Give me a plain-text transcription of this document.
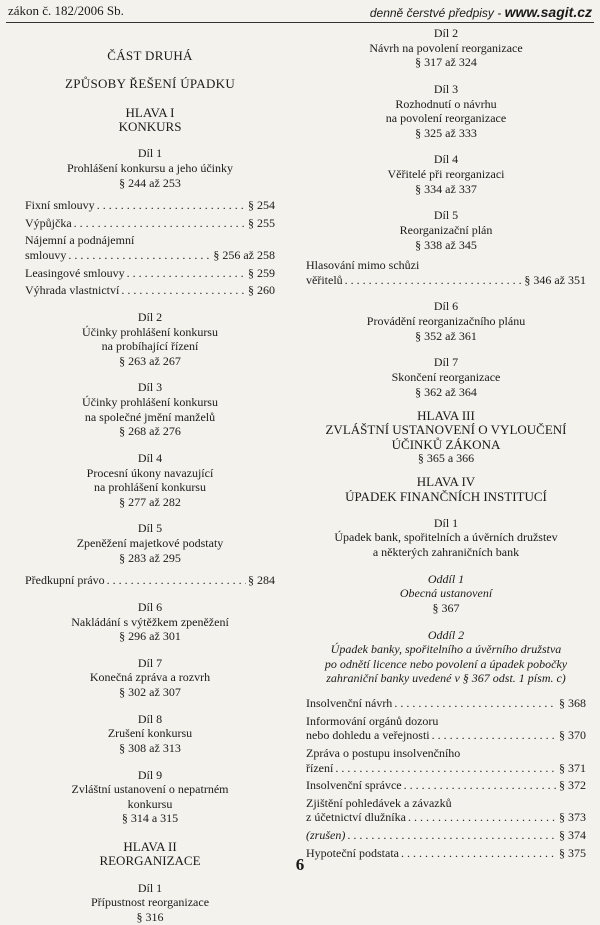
zákon č. 182/2006 Sb.	denně čerstvé předpisy - www.sagit.cz
ČÁST DRUHÁ
ZPŮSOBY ŘEŠENÍ ÚPADKU
HLAVA I
KONKURS
Díl 1
Prohlášení konkursu a jeho účinky
§ 244 až 253
Fixní smlouvy .....	§ 254
Výpůjčka .....	§ 255
Nájemní a podnájemní
smlouvy .....	§ 256 až 258
Leasingové smlouvy .....	§ 259
Výhrada vlastnictví .....	§ 260
Díl 2
Účinky prohlášení konkursu
na probíhající řízení
§ 263 až 267
Díl 3
Účinky prohlášení konkursu
na společné jmění manželů
§ 268 až 276
Díl 4
Procesní úkony navazující
na prohlášení konkursu
§ 277 až 282
Díl 5
Zpeněžení majetkové podstaty
§ 283 až 295
Předkupní právo .....	§ 284
Díl 6
Nakládání s výtěžkem zpeněžení
§ 296 až 301
Díl 7
Konečná zpráva a rozvrh
§ 302 až 307
Díl 8
Zrušení konkursu
§ 308 až 313
Díl 9
Zvláštní ustanovení o nepatrném
konkursu
§ 314 a 315
HLAVA II
REORGANIZACE
Díl 1
Přípustnost reorganizace
§ 316
Díl 2
Návrh na povolení reorganizace
§ 317 až 324
Díl 3
Rozhodnutí o návrhu
na povolení reorganizace
§ 325 až 333
Díl 4
Věřitelé při reorganizaci
§ 334 až 337
Díl 5
Reorganizační plán
§ 338 až 345
Hlasování mimo schůzi
věřitelů .....	§ 346 až 351
Díl 6
Provádění reorganizačního plánu
§ 352 až 361
Díl 7
Skončení reorganizace
§ 362 až 364
HLAVA III
ZVLÁŠTNÍ USTANOVENÍ O VYLOUČENÍ
ÚČINKŮ ZÁKONA
§ 365 a 366
HLAVA IV
ÚPADEK FINANČNÍCH INSTITUCÍ
Díl 1
Úpadek bank, spořitelních a úvěrních družstev
a některých zahraničních bank
Oddíl 1
Obecná ustanovení
§ 367
Oddíl 2
Úpadek banky, spořitelního a úvěrního družstva
po odnětí licence nebo povolení a úpadek pobočky
zahraniční banky uvedené v § 367 odst. 1 písm. c)
Insolvenční návrh .....	§ 368
Informování orgánů dozoru
nebo dohledu a veřejnosti .....	§ 370
Zpráva o postupu insolvenčního
řízení .....	§ 371
Insolvenční správce .....	§ 372
Zjištění pohledávek a závazků
z účetnictví dlužníka .....	§ 373
(zrušen) .....	§ 374
Hypoteční podstata .....	§ 375
6
